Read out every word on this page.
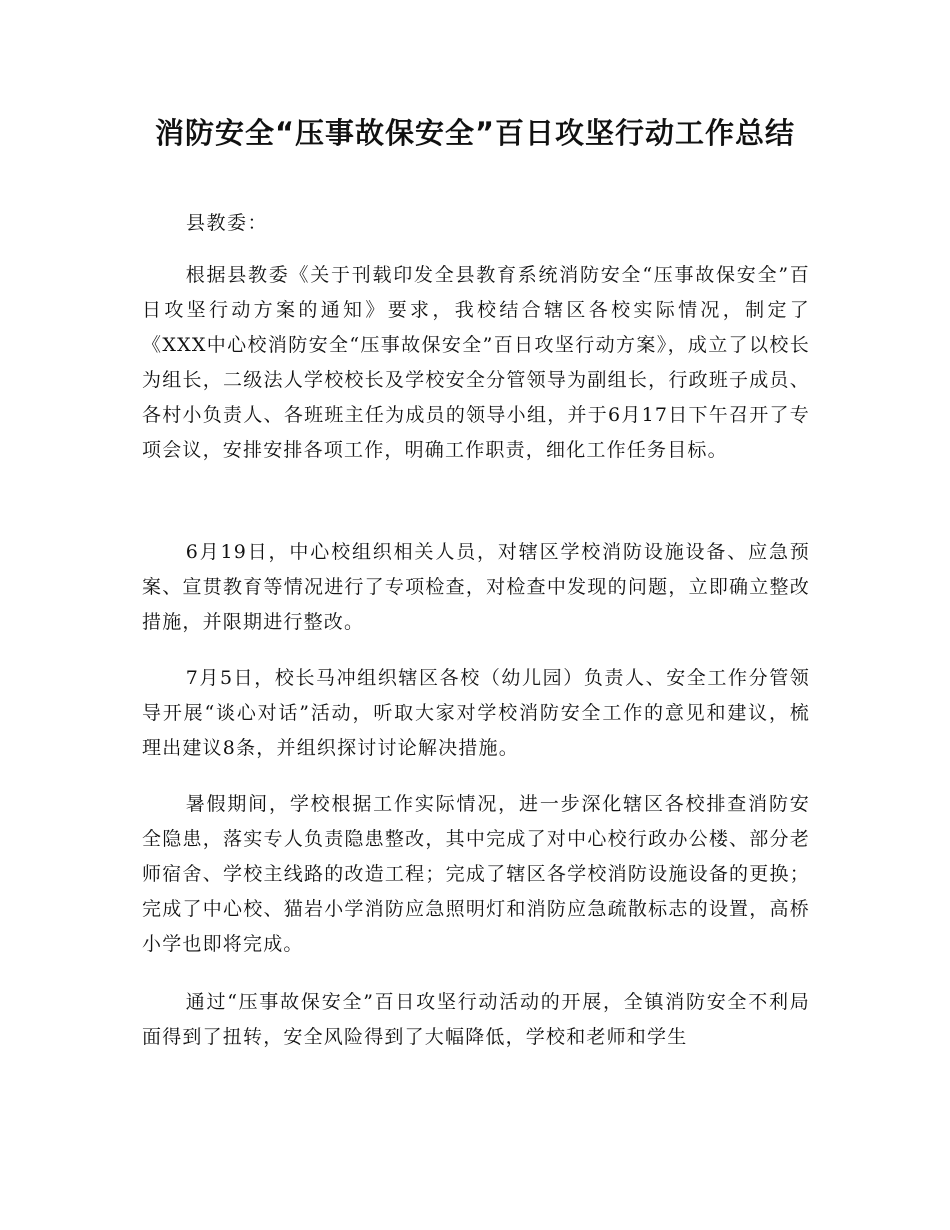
消防安全“压事故保安全”百日攻坚行动工作总结
县教委：

根据县教委《关于刊载印发全县教育系统消防安全“压事故保安全”百日攻坚行动方案的通知》要求，我校结合辖区各校实际情况，制定了《XXX中心校消防安全“压事故保安全”百日攻坚行动方案》，成立了以校长为组长，二级法人学校校长及学校安全分管领导为副组长，行政班子成员、各村小负责人、各班班主任为成员的领导小组，并于6月17日下午召开了专项会议，安排安排各项工作，明确工作职责，细化工作任务目标。

6月19日，中心校组织相关人员，对辖区学校消防设施设备、应急预案、宣贯教育等情况进行了专项检查，对检查中发现的问题，立即确立整改措施，并限期进行整改。

7月5日，校长马冲组织辖区各校（幼儿园）负责人、安全工作分管领导开展“谈心对话”活动，听取大家对学校消防安全工作的意见和建议，梳理出建议8条，并组织探讨讨论解决措施。

暑假期间，学校根据工作实际情况，进一步深化辖区各校排查消防安全隐患，落实专人负责隐患整改，其中完成了对中心校行政办公楼、部分老师宿舍、学校主线路的改造工程；完成了辖区各学校消防设施设备的更换；完成了中心校、猫岩小学消防应急照明灯和消防应急疏散标志的设置，高桥小学也即将完成。

通过“压事故保安全”百日攻坚行动活动的开展，全镇消防安全不利局面得到了扭转，安全风险得到了大幅降低，学校和老师和学生
